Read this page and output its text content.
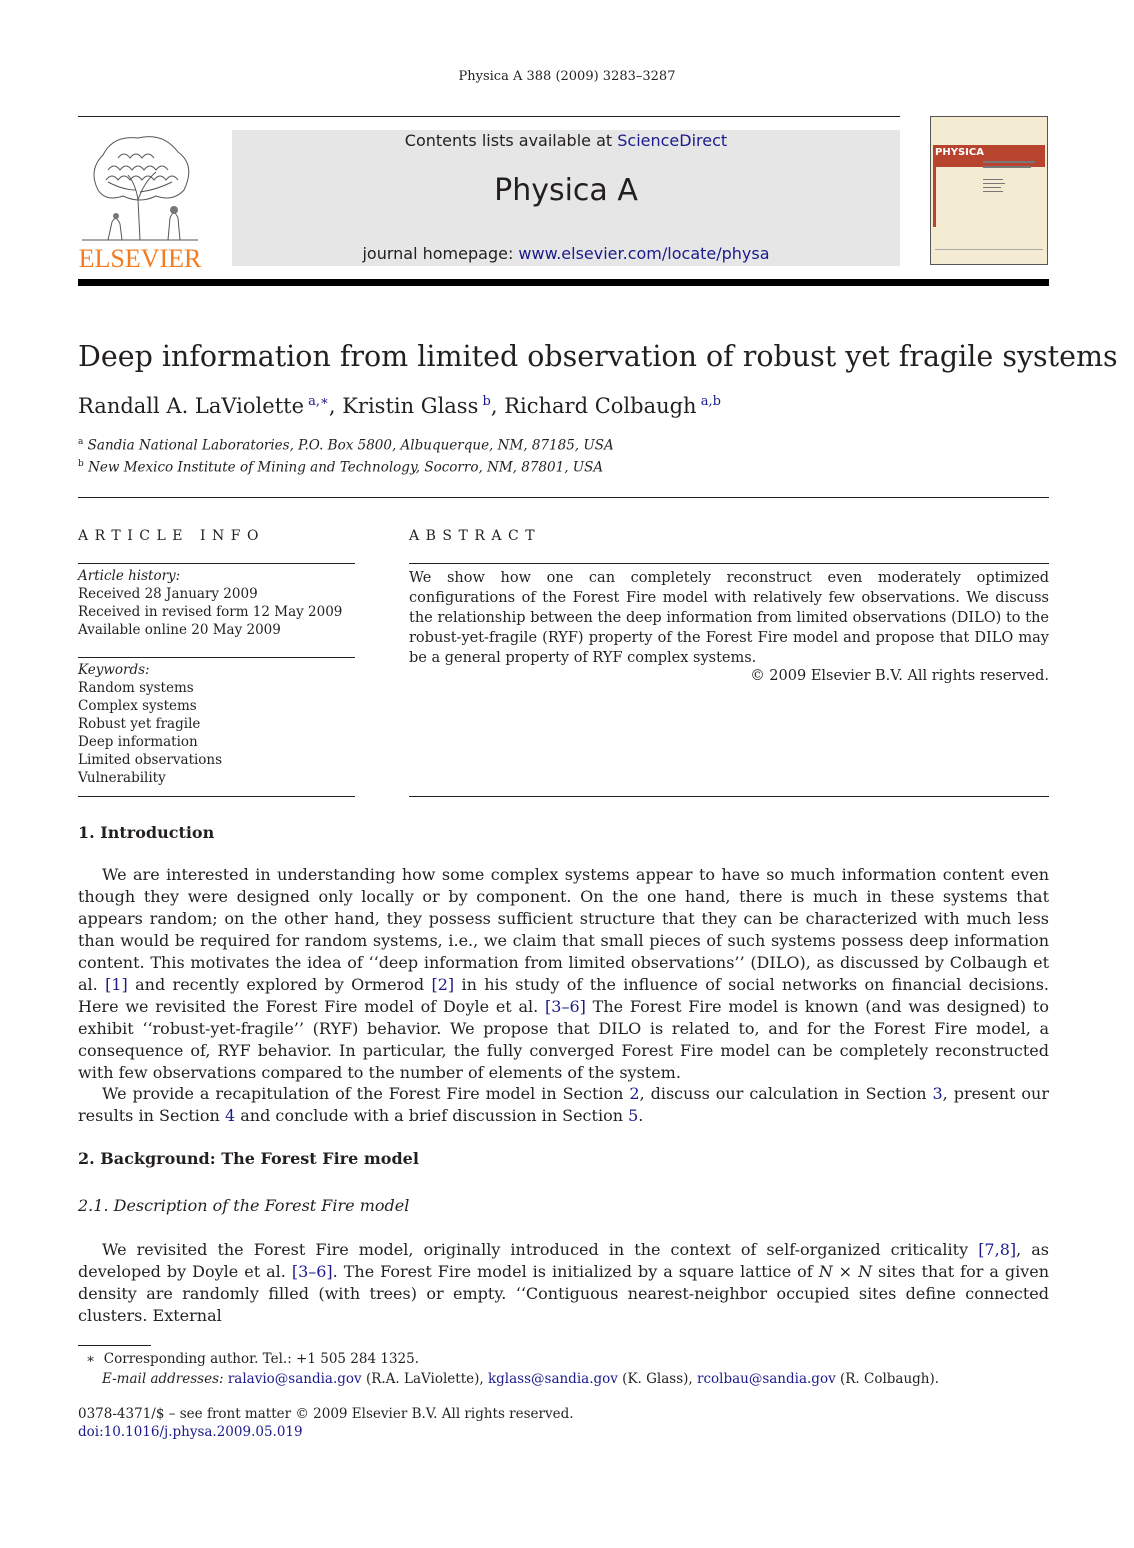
Physica A 388 (2009) 3283–3287
ELSEVIER
Contents lists available at ScienceDirect
Physica A
journal homepage: www.elsevier.com/locate/physa
PHYSICA
Deep information from limited observation of robust yet fragile systems
Randall A. LaViolette $^{a,∗}$, Kristin Glass $^b$, Richard Colbaugh $^{a,b}$
$^a$ Sandia National Laboratories, P.O. Box 5800, Albuquerque, NM, 87185, USA
$^b$ New Mexico Institute of Mining and Technology, Socorro, NM, 87801, USA
ARTICLE INFO	ABSTRACT
Article history:
Received 28 January 2009
Received in revised form 12 May 2009
Available online 20 May 2009
Keywords:
Random systems
Complex systems
Robust yet fragile
Deep information
Limited observations
Vulnerability
We show how one can completely reconstruct even moderately optimized configurations of the Forest Fire model with relatively few observations. We discuss the relationship between the deep information from limited observations (DILO) to the robust-yet-fragile (RYF) property of the Forest Fire model and propose that DILO may be a general property of RYF complex systems.
© 2009 Elsevier B.V. All rights reserved.
1. Introduction

We are interested in understanding how some complex systems appear to have so much information content even though they were designed only locally or by component. On the one hand, there is much in these systems that appears random; on the other hand, they possess sufficient structure that they can be characterized with much less than would be required for random systems, i.e., we claim that small pieces of such systems possess deep information content. This motivates the idea of ‘‘deep information from limited observations’’ (DILO), as discussed by Colbaugh et al. [1] and recently explored by Ormerod [2] in his study of the influence of social networks on financial decisions. Here we revisited the Forest Fire model of Doyle et al. [3–6] The Forest Fire model is known (and was designed) to exhibit ‘‘robust-yet-fragile’’ (RYF) behavior. We propose that DILO is related to, and for the Forest Fire model, a consequence of, RYF behavior. In particular, the fully converged Forest Fire model can be completely reconstructed with few observations compared to the number of elements of the system.

We provide a recapitulation of the Forest Fire model in Section 2, discuss our calculation in Section 3, present our results in Section 4 and conclude with a brief discussion in Section 5.

2. Background: The Forest Fire model
2.1. Description of the Forest Fire model

We revisited the Forest Fire model, originally introduced in the context of self-organized criticality [7,8], as developed by Doyle et al. [3–6]. The Forest Fire model is initialized by a square lattice of N × N sites that for a given density are randomly filled (with trees) or empty. ‘‘Contiguous nearest-neighbor occupied sites define connected clusters. External

∗ Corresponding author. Tel.: +1 505 284 1325.
E-mail addresses: ralavio@sandia.gov (R.A. LaViolette), kglass@sandia.gov (K. Glass), rcolbau@sandia.gov (R. Colbaugh).
0378-4371/$ – see front matter © 2009 Elsevier B.V. All rights reserved.
doi:10.1016/j.physa.2009.05.019
